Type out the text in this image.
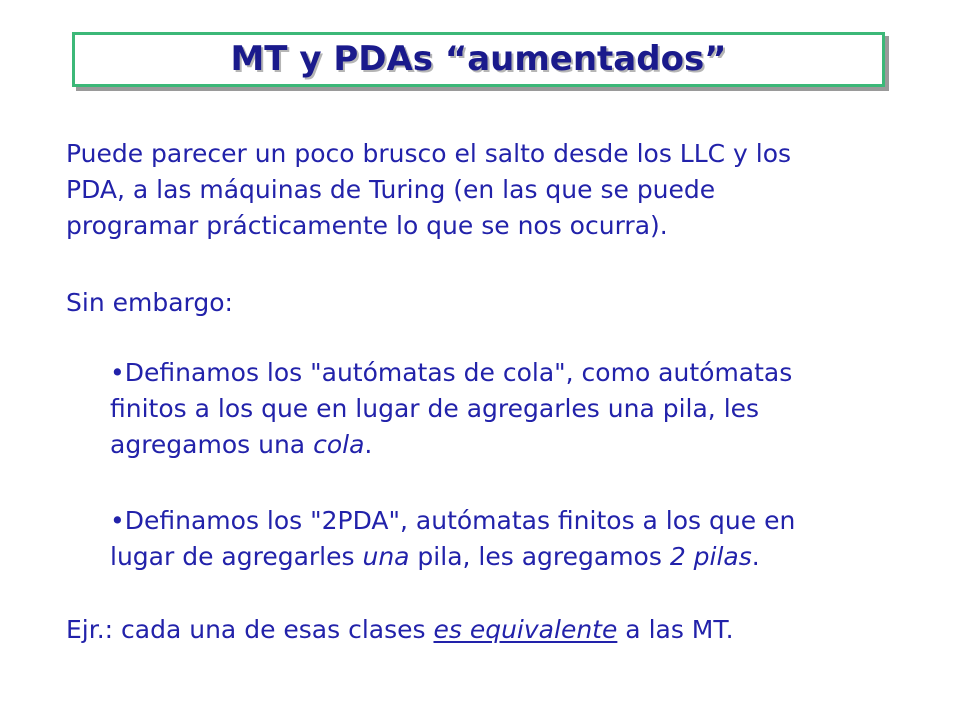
MT y PDAs “aumentados”
Puede parecer un poco brusco el salto desde los LLC y los
PDA, a las máquinas de Turing (en las que se puede
programar prácticamente lo que se nos ocurra).
Sin embargo:
•Definamos los "autómatas de cola", como autómatas
finitos a los que en lugar de agregarles una pila, les
agregamos una cola.
•Definamos los "2PDA", autómatas finitos a los que en
lugar de agregarles una pila, les agregamos 2 pilas.
Ejr.: cada una de esas clases es equivalente a las MT.
